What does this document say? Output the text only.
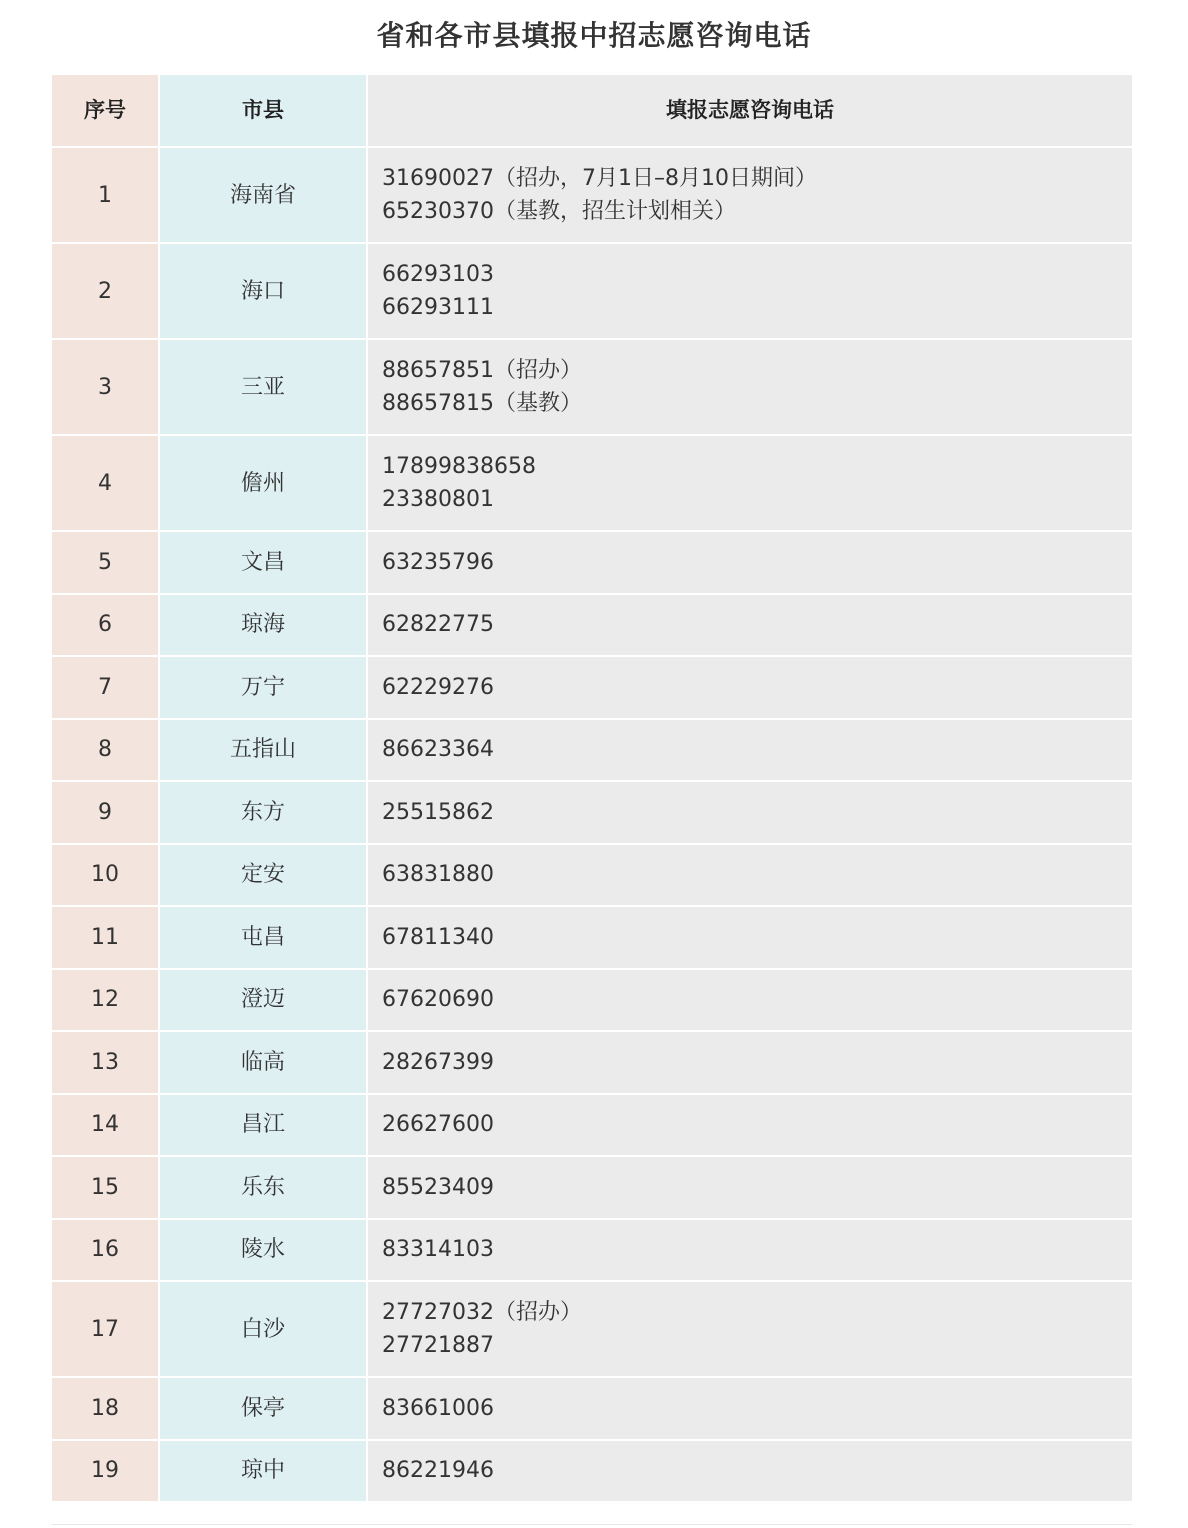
省和各市县填报中招志愿咨询电话
序号	市县	填报志愿咨询电话
1	海南省	31690027（招办，7月1日–8月10日期间）
65230370（基教，招生计划相关）

2	海口	66293103
66293111

3	三亚	88657851（招办）
88657815（基教）

4	儋州	17899838658
23380801

5	文昌	63235796

6	琼海	62822775

7	万宁	62229276

8	五指山	86623364

9	东方	25515862

10	定安	63831880

11	屯昌	67811340

12	澄迈	67620690

13	临高	28267399

14	昌江	26627600

15	乐东	85523409

16	陵水	83314103

17	白沙	27727032（招办）
27721887

18	保亭	83661006

19	琼中	86221946
